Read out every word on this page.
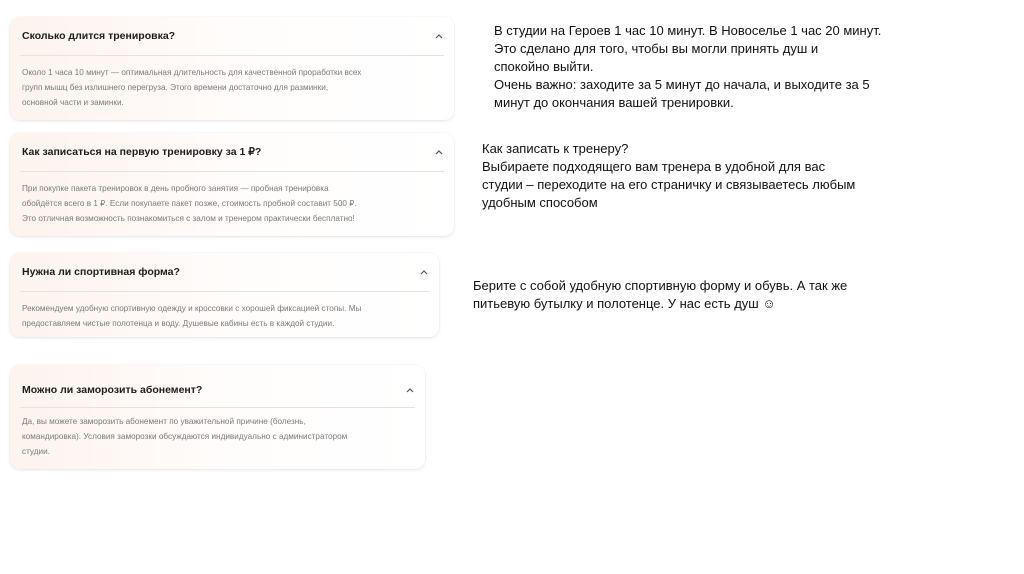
Сколько длится тренировка?
Около 1 часа 10 минут — оптимальная длительность для качественной проработки всех
групп мышц без излишнего перегруза. Этого времени достаточно для разминки,
основной части и заминки.
Как записаться на первую тренировку за 1 ₽?
При покупке пакета тренировок в день пробного занятия — пробная тренировка
обойдётся всего в 1 ₽. Если покупаете пакет позже, стоимость пробной составит 500 ₽.
Это отличная возможность познакомиться с залом и тренером практически бесплатно!
Нужна ли спортивная форма?
Рекомендуем удобную спортивную одежду и кроссовки с хорошей фиксацией стопы. Мы
предоставляем чистые полотенца и воду. Душевые кабины есть в каждой студии.
Можно ли заморозить абонемент?
Да, вы можете заморозить абонемент по уважительной причине (болезнь,
командировка). Условия заморозки обсуждаются индивидуально с администратором
студии.
В студии на Героев 1 час 10 минут. В Новоселье 1 час 20 минут.
Это сделано для того, чтобы вы могли принять душ и
спокойно выйти.
Очень важно: заходите за 5 минут до начала, и выходите за 5
минут до окончания вашей тренировки.
Как записать к тренеру?
Выбираете подходящего вам тренера в удобной для вас
студии – переходите на его страничку и связываетесь любым
удобным способом
Берите с собой удобную спортивную форму и обувь. А так же
питьевую бутылку и полотенце. У нас есть душ ☺
